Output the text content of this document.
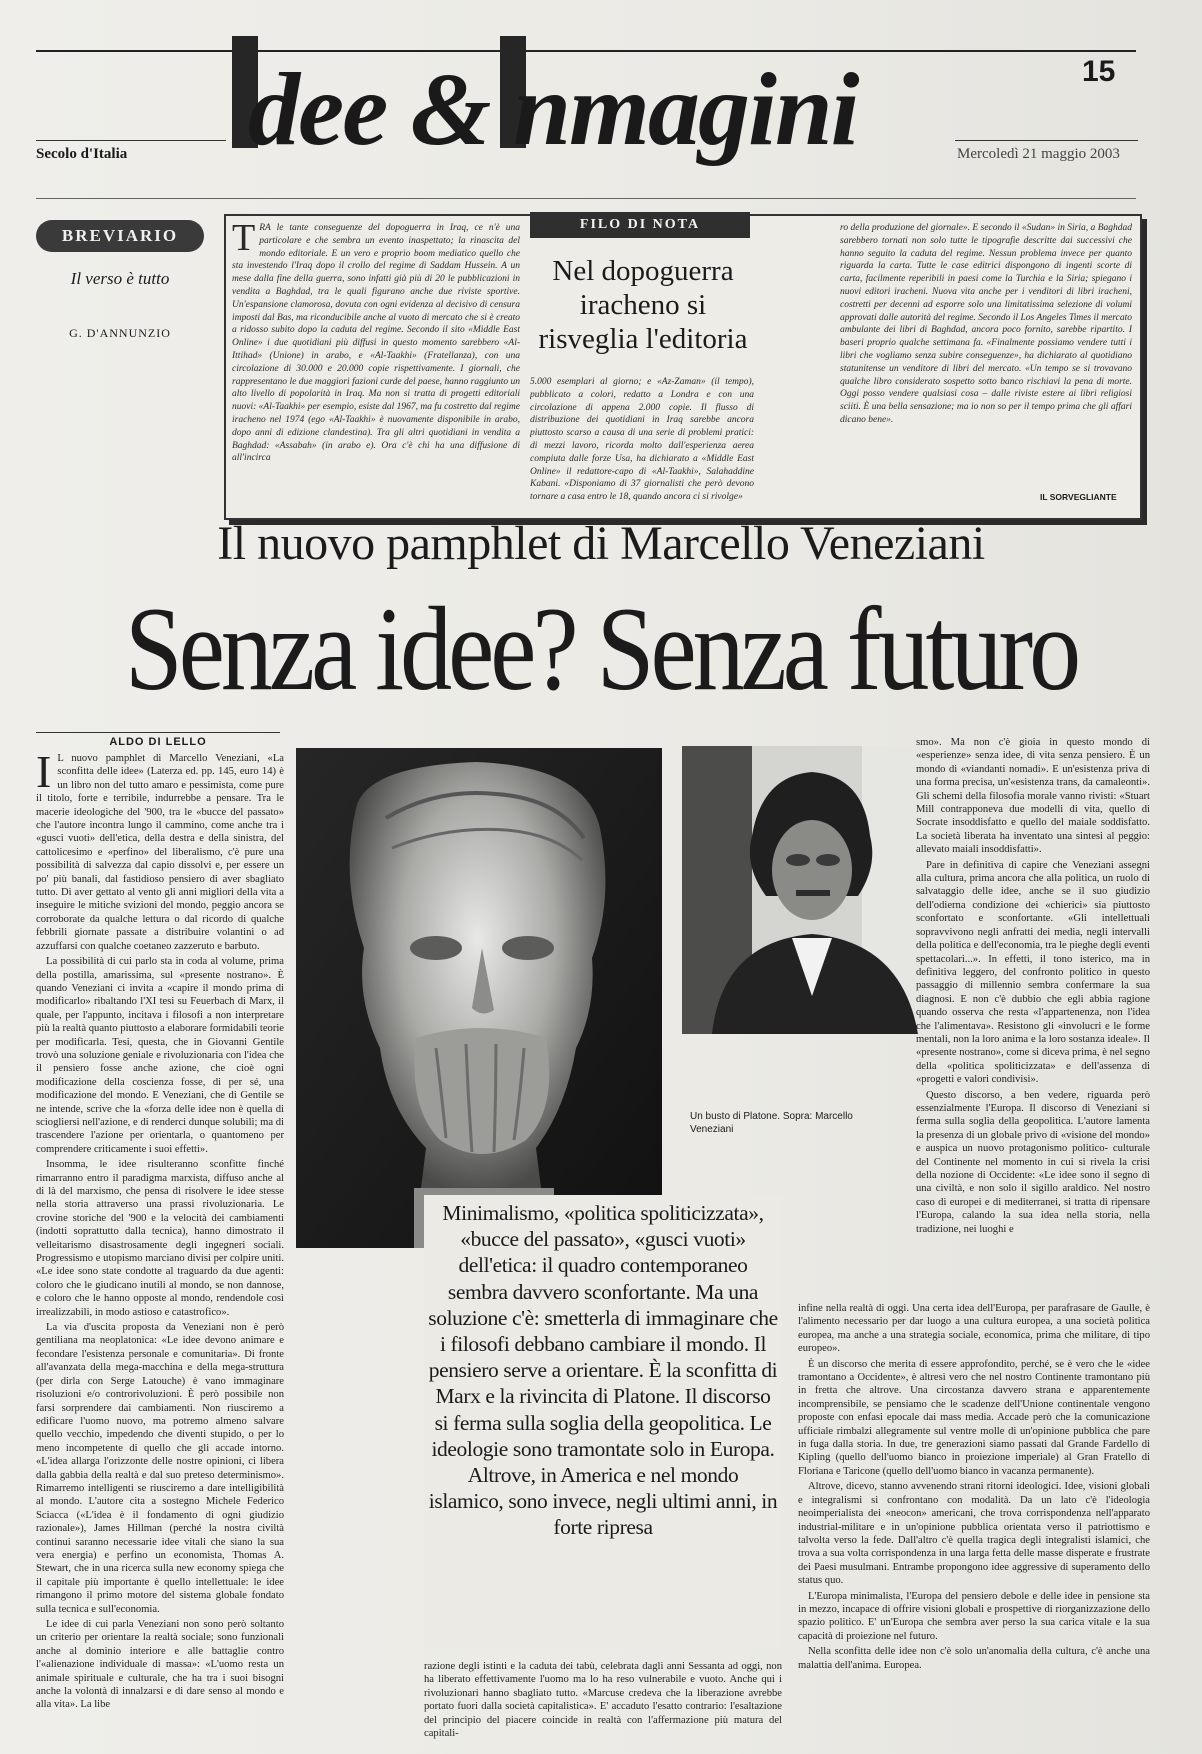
15
Secolo d'Italia dee & nmagini	Mercoledì 21 maggio 2003
BREVIARIO
Il verso è tutto
G. D'ANNUNZIO
FILO DI NOTA
TRA le tante conseguenze del dopoguerra in Iraq, ce n'è una particolare e che sembra un evento inaspettato; la rinascita del mondo editoriale. E un vero e proprio boom mediatico quello che sta investendo l'Iraq dopo il crollo del regime di Saddam Hussein. A un mese dalla fine della guerra, sono infatti già più di 20 le pubblicazioni in vendita a Baghdad, tra le quali figurano anche due riviste sportive. Un'espansione clamorosa, dovuta con ogni evidenza al decisivo di censura imposti dal Bas, ma riconducibile anche al vuoto di mercato che si è creato a ridosso subito dopo la caduta del regime. Secondo il sito «Middle East Online» i due quotidiani più diffusi in questo momento sarebbero «Al-Ittihad» (Unione) in arabo, e «Al-Taakhi» (Fratellanza), con una circolazione di 30.000 e 20.000 copie rispettivamente. I giornali, che rappresentano le due maggiori fazioni curde del paese, hanno raggiunto un alto livello di popolarità in Iraq. Ma non si tratta di progetti editoriali nuovi: «Al-Taakhi» per esempio, esiste dal 1967, ma fu costretto dal regime iracheno nel 1974 (ego «Al-Taakhi» è nuovamente disponibile in arabo, dopo anni di edizione clandestina). Tra gli altri quotidiani in vendita a Baghdad: «Assabah» (in arabo e). Ora c'è chi ha una diffusione di all'incirca
Nel dopoguerra iracheno si risveglia l'editoria
5.000 esemplari al giorno; e «Az-Zaman» (il tempo), pubblicato a colori, redatto a Londra e con una circolazione di appena 2.000 copie. Il flusso di distribuzione dei quotidiani in Iraq sarebbe ancora piuttosto scarso a causa di una serie di problemi pratici: di mezzi lavoro, ricorda molto dall'esperienza aerea compiuta dalle forze Usa, ha dichiarato a «Middle East Online» il redattore-capo di «Al-Taakhi», Salahaddine Kabani. «Disponiamo di 37 giornalisti che però devono tornare a casa entro le 18, quando ancora ci si rivolge»
ro della produzione del giornale». E secondo il «Sudan» in Siria, a Baghdad sarebbero tornati non solo tutte le tipografie descritte dai successivi che hanno seguito la caduta del regime. Nessun problema invece per quanto riguarda la carta. Tutte le case editrici dispongono di ingenti scorte di carta, facilmente reperibili in paesi come la Turchia e la Siria; spiegano i nuovi editori iracheni. Nuova vita anche per i venditori di libri iracheni, costretti per decenni ad esporre solo una limitatissima selezione di volumi approvati dalle autorità del regime. Secondo il Los Angeles Times il mercato ambulante dei libri di Baghdad, ancora poco fornito, sarebbe ripartito. I baseri proprio qualche settimana fa. «Finalmente possiamo vendere tutti i libri che vogliamo senza subire conseguenze», ha dichiarato al quotidiano statunitense un venditore di libri del mercato. «Un tempo se si trovavano qualche libro considerato sospetto sotto banco rischiavi la pena di morte. Oggi posso vendere qualsiasi cosa – dalle riviste estere ai libri religiosi sciiti. È una bella sensazione; ma io non so per il tempo prima che gli affari dicano bene».
IL SORVEGLIANTE
Il nuovo pamphlet di Marcello Veneziani
Senza idee? Senza futuro
ALDO DI LELLO

I L nuovo pamphlet di Marcello Veneziani, «La sconfitta delle idee» (Laterza ed. pp. 145, euro 14) è un libro non del tutto amaro e pessimista, come pure il titolo, forte e terribile, indurrebbe a pensare. Tra le macerie ideologiche del '900, tra le «bucce del passato» che l'autore incontra lungo il cammino, come anche tra i «gusci vuoti» dell'etica, della destra e della sinistra, del cattolicesimo e «perfino» del liberalismo, c'è pure una possibilità di salvezza dal capio dissolvi e, per essere un po' più banali, dal fastidioso pensiero di aver sbagliato tutto. Di aver gettato al vento gli anni migliori della vita a inseguire le mitiche svizioni del mondo, peggio ancora se corroborate da qualche lettura o dal ricordo di qualche febbrili giornate passate a distribuire volantini o ad azzuffarsi con qualche coetaneo zazzeruto e barbuto.

La possibilità di cui parlo sta in coda al volume, prima della postilla, amarissima, sul «presente nostrano». È quando Veneziani ci invita a «capire il mondo prima di modificarlo» ribaltando l'XI tesi su Feuerbach di Marx, il quale, per l'appunto, incitava i filosofi a non interpretare più la realtà quanto piuttosto a elaborare formidabili teorie per modificarla. Tesi, questa, che in Giovanni Gentile trovò una soluzione geniale e rivoluzionaria con l'idea che il pensiero fosse anche azione, che cioè ogni modificazione della coscienza fosse, di per sé, una modificazione del mondo. E Veneziani, che di Gentile se ne intende, scrive che la «forza delle idee non è quella di sciogliersi nell'azione, e di renderci dunque solubili; ma di trascendere l'azione per orientarla, o quantomeno per comprendere criticamente i suoi effetti».

Insomma, le idee risulteranno sconfitte finché rimarranno entro il paradigma marxista, diffuso anche al di là del marxismo, che pensa di risolvere le idee stesse nella storia attraverso una prassi rivoluzionaria. Le crovine storiche del '900 e la velocità dei cambiamenti (indotti soprattutto dalla tecnica), hanno dimostrato il velleitarismo disastrosamente degli ingegneri sociali. Progressismo e utopismo marciano divisi per colpire uniti. «Le idee sono state condotte al traguardo da due agenti: coloro che le giudicano inutili al mondo, se non dannose, e coloro che le hanno opposte al mondo, rendendole così irrealizzabili, in modo astioso e catastrofico».

La via d'uscita proposta da Veneziani non è però gentiliana ma neoplatonica: «Le idee devono animare e fecondare l'esistenza personale e comunitaria». Di fronte all'avanzata della mega-macchina e della mega-struttura (per dirla con Serge Latouche) è vano immaginare risoluzioni e/o controrivoluzioni. È però possibile non farsi sorprendere dai cambiamenti. Non riusciremo a edificare l'uomo nuovo, ma potremo almeno salvare quello vecchio, impedendo che diventi stupido, o per lo meno incompetente di quello che gli accade intorno. «L'idea allarga l'orizzonte delle nostre opinioni, ci libera dalla gabbia della realtà e dal suo preteso determinismo». Rimarremo intelligenti se riusciremo a dare intelligibilità al mondo. L'autore cita a sostegno Michele Federico Sciacca («L'idea è il fondamento di ogni giudizio razionale»), James Hillman (perché la nostra civiltà continui saranno necessarie idee vitali che siano la sua vera energia) e perfino un economista, Thomas A. Stewart, che in una ricerca sulla new economy spiega che il capitale più importante è quello intellettuale: le idee rimangono il primo motore del sistema globale fondato sulla tecnica e sull'economia.

Le idee di cui parla Veneziani non sono però soltanto un criterio per orientare la realtà sociale; sono funzionali anche al dominio interiore e alle battaglie contro l'«alienazione individuale di massa»: «L'uomo resta un animale spirituale e culturale, che ha tra i suoi bisogni anche la volontà di innalzarsi e di dare senso al mondo e alla vita». La libe

Un busto di Platone. Sopra: Marcello Veneziani
Minimalismo, «politica spoliticizzata», «bucce del passato», «gusci vuoti» dell'etica: il quadro contemporaneo sembra davvero sconfortante. Ma una soluzione c'è: smetterla di immaginare che i filosofi debbano cambiare il mondo. Il pensiero serve a orientare. È la sconfitta di Marx e la rivincita di Platone. Il discorso si ferma sulla soglia della geopolitica. Le ideologie sono tramontate solo in Europa. Altrove, in America e nel mondo islamico, sono invece, negli ultimi anni, in forte ripresa
razione degli istinti e la caduta dei tabù, celebrata dagli anni Sessanta ad oggi, non ha liberato effettivamente l'uomo ma lo ha reso vulnerabile e vuoto. Anche qui i rivoluzionari hanno sbagliato tutto. «Marcuse credeva che la liberazione avrebbe portato fuori dalla società capitalistica». E' accaduto l'esatto contrario: l'esaltazione del principio del piacere coincide in realtà con l'affermazione più matura del capitali-

smo». Ma non c'è gioia in questo mondo di «esperienze» senza idee, di vita senza pensiero. È un mondo di «viandanti nomadi». E un'esistenza priva di una forma precisa, un'«esistenza trans, da camaleonti». Gli schemi della filosofia morale vanno rivisti: «Stuart Mill contrapponeva due modelli di vita, quello di Socrate insoddisfatto e quello del maiale soddisfatto. La società liberata ha inventato una sintesi al peggio: allevato maiali insoddisfatti».

Pare in definitiva di capire che Veneziani assegni alla cultura, prima ancora che alla politica, un ruolo di salvataggio delle idee, anche se il suo giudizio dell'odierna condizione dei «chierici» sia piuttosto sconfortato e sconfortante. «Gli intellettuali sopravvivono negli anfratti dei media, negli intervalli della politica e dell'economia, tra le pieghe degli eventi spettacolari...». In effetti, il tono isterico, ma in definitiva leggero, del confronto politico in questo passaggio di millennio sembra confermare la sua diagnosi. E non c'è dubbio che egli abbia ragione quando osserva che resta «l'appartenenza, non l'idea che l'alimentava». Resistono gli «involucri e le forme mentali, non la loro anima e la loro sostanza ideale». Il «presente nostrano», come si diceva prima, è nel segno della «politica spoliticizzata» e dell'assenza di «progetti e valori condivisi».

Questo discorso, a ben vedere, riguarda però essenzialmente l'Europa. Il discorso di Veneziani si ferma sulla soglia della geopolitica. L'autore lamenta la presenza di un globale privo di «visione del mondo» e auspica un nuovo protagonismo politico- culturale del Continente nel momento in cui si rivela la crisi della nozione di Occidente: «Le idee sono il segno di una civiltà, e non solo il sigillo araldico. Nel nostro caso di europei e di mediterranei, si tratta di ripensare l'Europa, calando la sua idea nella storia, nella tradizione, nei luoghi e

infine nella realtà di oggi. Una certa idea dell'Europa, per parafrasare de Gaulle, è l'alimento necessario per dar luogo a una cultura europea, a una società politica europea, ma anche a una strategia sociale, economica, prima che militare, di tipo europeo».

È un discorso che merita di essere approfondito, perché, se è vero che le «idee tramontano a Occidente», è altresì vero che nel nostro Continente tramontano più in fretta che altrove. Una circostanza davvero strana e apparentemente incomprensibile, se pensiamo che le scadenze dell'Unione continentale vengono proposte con enfasi epocale dai mass media. Accade però che la comunicazione ufficiale rimbalzi allegramente sul ventre molle di un'opinione pubblica che pare in fuga dalla storia. In due, tre generazioni siamo passati dal Grande Fardello di Kipling (quello dell'uomo bianco in proiezione imperiale) al Gran Fratello di Floriana e Taricone (quello dell'uomo bianco in vacanza permanente).

Altrove, dicevo, stanno avvenendo strani ritorni ideologici. Idee, visioni globali e integralismi si confrontano con modalità. Da un lato c'è l'ideologia neoimperialista dei «neocon» americani, che trova corrispondenza nell'apparato industrial-militare e in un'opinione pubblica orientata verso il patriottismo e talvolta verso la fede. Dall'altro c'è quella tragica degli integralisti islamici, che trova a sua volta corrispondenza in una larga fetta delle masse disperate e frustrate dei Paesi musulmani. Entrambe propongono idee aggressive di superamento dello status quo.

L'Europa minimalista, l'Europa del pensiero debole e delle idee in pensione sta in mezzo, incapace di offrire visioni globali e prospettive di riorganizzazione dello spazio politico. E' un'Europa che sembra aver perso la sua carica vitale e la sua capacità di proiezione nel futuro.

Nella sconfitta delle idee non c'è solo un'anomalia della cultura, c'è anche una malattia dell'anima. Europea.
